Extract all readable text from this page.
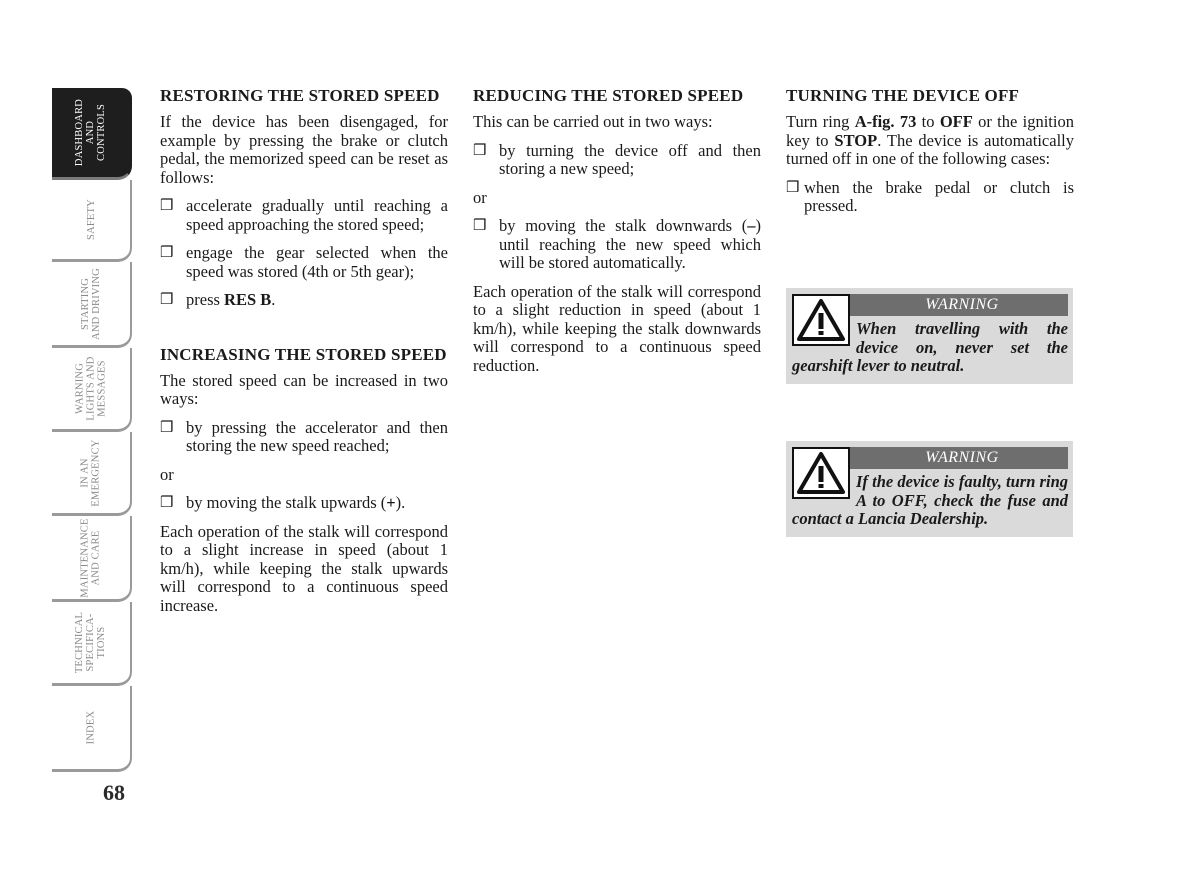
DASHBOARD
AND
CONTROLS
SAFETY
STARTING
AND DRIVING
WARNING
LIGHTS AND
MESSAGES
IN AN
EMERGENCY
MAINTENANCE
AND CARE
TECHNICAL
SPECIFICA-
TIONS
INDEX
68
RESTORING THE STORED SPEED

If the device has been disengaged, for example by pressing the brake or clutch pedal, the memorized speed can be reset as follows:

❒ accelerate gradually until reaching a speed approaching the stored speed;
❒ engage the gear selected when the speed was stored (4th or 5th gear);
❒ press RES B.
INCREASING THE STORED SPEED

The stored speed can be increased in two ways:

❒ by pressing the accelerator and then storing the new speed reached;

or

❒ by moving the stalk upwards (+).

Each operation of the stalk will correspond to a slight increase in speed (about 1 km/h), while keeping the stalk upwards will correspond to a continuous speed increase.

REDUCING THE STORED SPEED

This can be carried out in two ways:

❒ by turning the device off and then storing a new speed;

or

❒ by moving the stalk downwards (–) until reaching the new speed which will be stored automatically.

Each operation of the stalk will correspond to a slight reduction in speed (about 1 km/h), while keeping the stalk downwards will correspond to a continuous speed reduction.

TURNING THE DEVICE OFF

Turn ring A-fig. 73 to OFF or the ignition key to STOP. The device is automatically turned off in one of the following cases:

❒ when the brake pedal or clutch is pressed.
WARNING
When travelling with the device on, never set the gearshift lever to neutral.
WARNING
If the device is faulty, turn ring A to OFF, check the fuse and contact a Lancia Dealership.
